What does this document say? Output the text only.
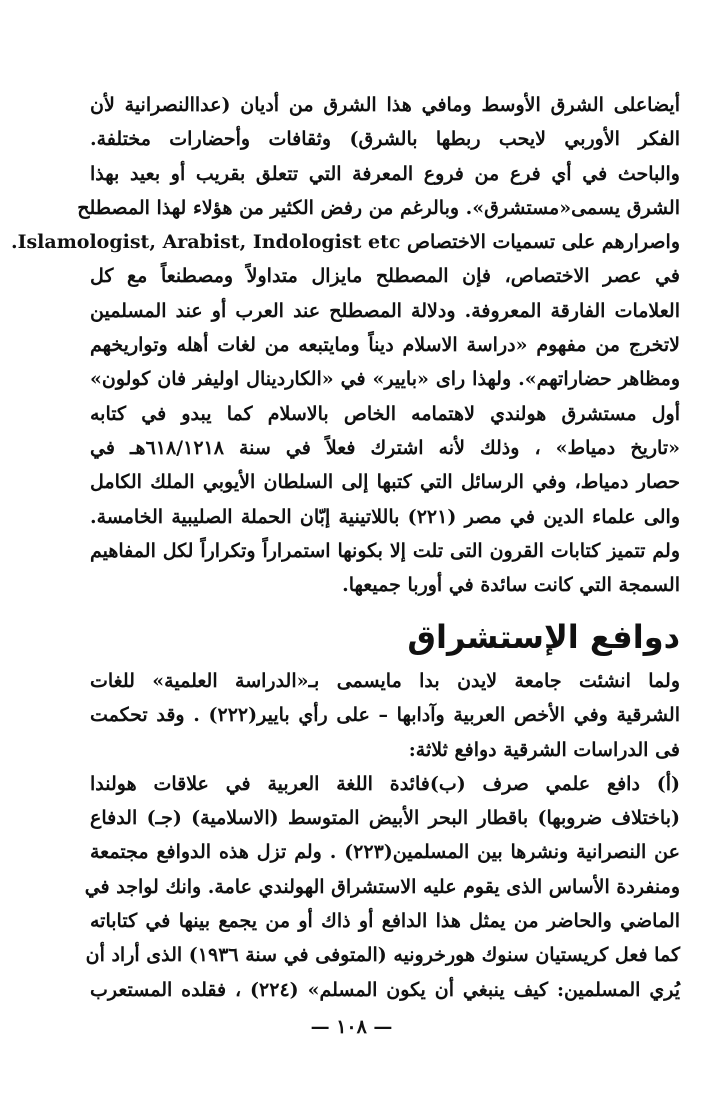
أيضاعلى الشرق الأوسط ومافي هذا الشرق من أديان (عداالنصرانية لأن
الفكر الأوربي لايحب ربطها بالشرق) وثقافات وأحضارات مختلفة.
والباحث في أي فرع من فروع المعرفة التي تتعلق بقريب أو بعيد بهذا
الشرق يسمى«مستشرق». وبالرغم من رفض الكثير من هؤلاء لهذا المصطلح
واصرارهم على تسميات الاختصاص Islamologist, Arabist, Indologist etc.
في عصر الاختصاص، فإن المصطلح مايزال متداولاً ومصطنعاً مع كل
العلامات الفارقة المعروفة. ودلالة المصطلح عند العرب أو عند المسلمين
لاتخرج من مفهوم «دراسة الاسلام ديناً ومايتبعه من لغات أهله وتواريخهم
ومظاهر حضاراتهم». ولهذا راى «بايير» في «الكاردينال اوليفر فان كولون»
أول مستشرق هولندي لاهتمامه الخاص بالاسلام كما يبدو في كتابه
«تاريخ دمياط» ، وذلك لأنه اشترك فعلاً في سنة ٦١٨/١٢١٨هـ في
حصار دمياط، وفي الرسائل التي كتبها إلى السلطان الأيوبي الملك الكامل
والى علماء الدين في مصر (٢٢١) باللاتينية إبّان الحملة الصليبية الخامسة.
ولم تتميز كتابات القرون التى تلت إلا بكونها استمراراً وتكراراً لكل المفاهيم
السمجة التي كانت سائدة في أوربا جميعها.
دوافع الإستشراق
ولما انشئت جامعة لايدن بدا مايسمى بـ«الدراسة العلمية» للغات
الشرقية وفي الأخص العربية وآدابها – على رأي بايير(٢٢٢) . وقد تحكمت
فى الدراسات الشرقية دوافع ثلاثة:
(أ) دافع علمي صرف (ب)فائدة اللغة العربية في علاقات هولندا
(باختلاف ضروبها) باقطار البحر الأبيض المتوسط (الاسلامية) (جـ) الدفاع
عن النصرانية ونشرها بين المسلمين(٢٢٣) . ولم تزل هذه الدوافع مجتمعة
ومنفردة الأساس الذى يقوم عليه الاستشراق الهولندي عامة. وانك لواجد في
الماضي والحاضر من يمثل هذا الدافع أو ذاك أو من يجمع بينها في كتاباته
كما فعل كريستيان سنوك هورخرونيه (المتوفى في سنة ١٩٣٦) الذى أراد أن
يُري المسلمين: كيف ينبغي أن يكون المسلم» (٢٢٤) ، فقلده المستعرب
— ١٠٨ —
